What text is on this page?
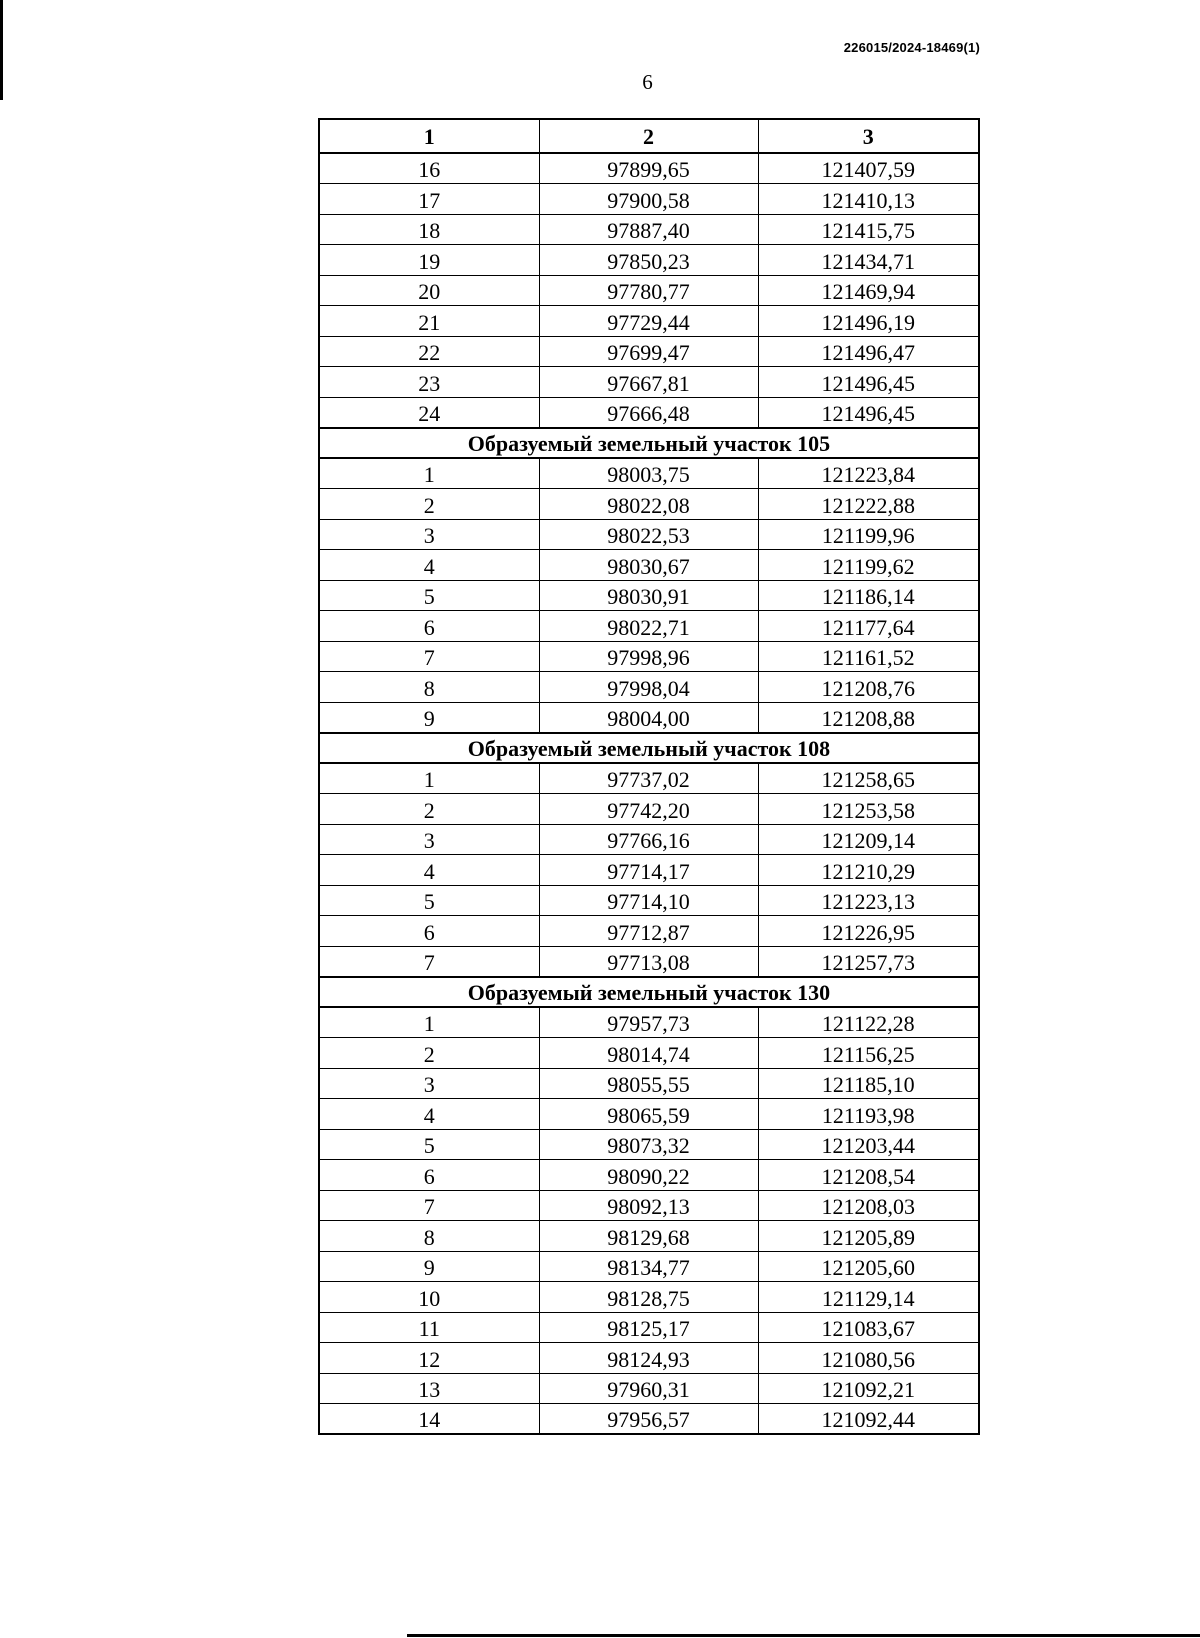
226015/2024-18469(1)
6
1	2	3
16	97899,65	121407,59
17	97900,58	121410,13
18	97887,40	121415,75
19	97850,23	121434,71
20	97780,77	121469,94
21	97729,44	121496,19
22	97699,47	121496,47
23	97667,81	121496,45
24	97666,48	121496,45
Образуемый земельный участок 105		
1	98003,75	121223,84
2	98022,08	121222,88
3	98022,53	121199,96
4	98030,67	121199,62
5	98030,91	121186,14
6	98022,71	121177,64
7	97998,96	121161,52
8	97998,04	121208,76
9	98004,00	121208,88
Образуемый земельный участок 108		
1	97737,02	121258,65
2	97742,20	121253,58
3	97766,16	121209,14
4	97714,17	121210,29
5	97714,10	121223,13
6	97712,87	121226,95
7	97713,08	121257,73
Образуемый земельный участок 130		
1	97957,73	121122,28
2	98014,74	121156,25
3	98055,55	121185,10
4	98065,59	121193,98
5	98073,32	121203,44
6	98090,22	121208,54
7	98092,13	121208,03
8	98129,68	121205,89
9	98134,77	121205,60
10	98128,75	121129,14
11	98125,17	121083,67
12	98124,93	121080,56
13	97960,31	121092,21
14	97956,57	121092,44
